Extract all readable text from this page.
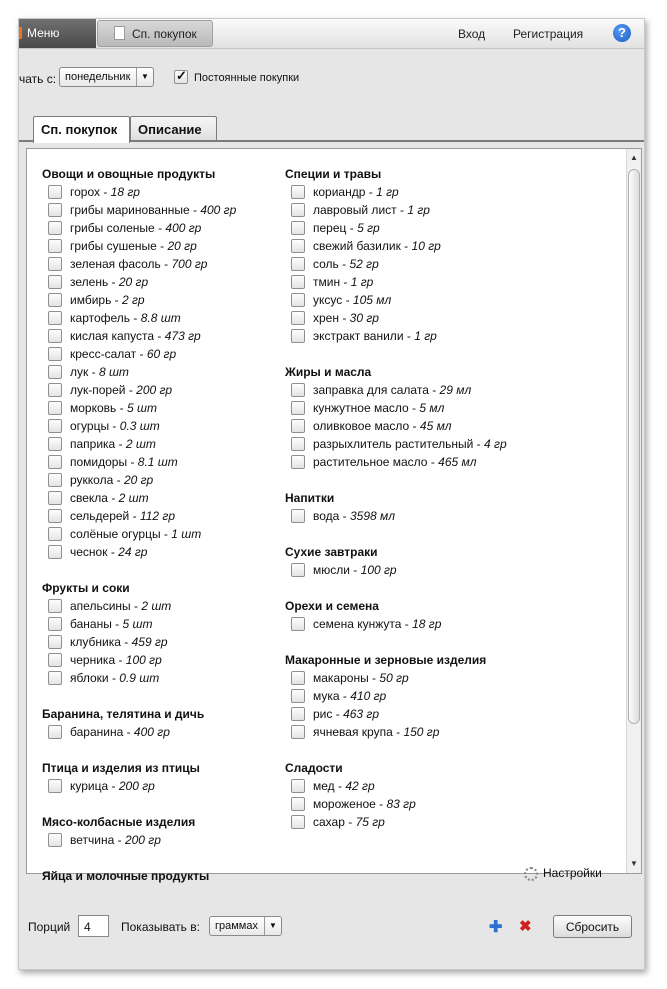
Меню	Сп. покупок	Вход Регистрация	?
чать с: понедельник	▼	✓ Постоянные покупки
Сп. покупок	Описание
Овощи и овощные продукты
горох - 18 гр
грибы маринованные - 400 гр
грибы соленые - 400 гр
грибы сушеные - 20 гр
зеленая фасоль - 700 гр
зелень - 20 гр
имбирь - 2 гр
картофель - 8.8 шт
кислая капуста - 473 гр
кресс-салат - 60 гр
лук - 8 шт
лук-порей - 200 гр
морковь - 5 шт
огурцы - 0.3 шт
паприка - 2 шт
помидоры - 8.1 шт
руккола - 20 гр
свекла - 2 шт
сельдерей - 112 гр
солёные огурцы - 1 шт
чеснок - 24 гр
Фрукты и соки
апельсины - 2 шт
бананы - 5 шт
клубника - 459 гр
черника - 100 гр
яблоки - 0.9 шт
Баранина, телятина и дичь
баранина - 400 гр
Птица и изделия из птицы
курица - 200 гр
Мясо-колбасные изделия
ветчина - 200 гр
Яйца и молочные продукты
Специи и травы
кориандр - 1 гр
лавровый лист - 1 гр
перец - 5 гр
свежий базилик - 10 гр
соль - 52 гр
тмин - 1 гр
уксус - 105 мл
хрен - 30 гр
экстракт ванили - 1 гр
Жиры и масла
заправка для салата - 29 мл
кунжутное масло - 5 мл
оливковое масло - 45 мл
разрыхлитель растительный - 4 гр
растительное масло - 465 мл
Напитки
вода - 3598 мл
Сухие завтраки
мюсли - 100 гр
Орехи и семена
семена кунжута - 18 гр
Макаронные и зерновые изделия
макароны - 50 гр
мука - 410 гр
рис - 463 гр
ячневая крупа - 150 гр
Сладости
мед - 42 гр
мороженое - 83 гр
сахар - 75 гр
▲
▼
Настройки
Порций	4	Показывать в:	граммах	▼	✚ ✖	Сбросить
